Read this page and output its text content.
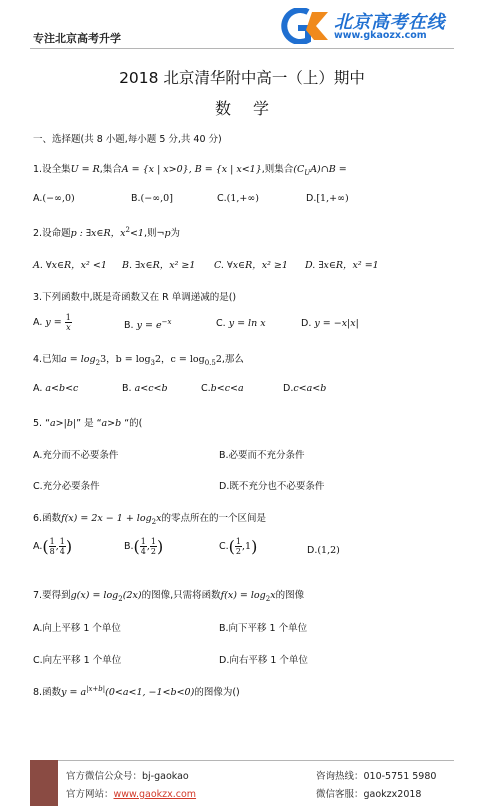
专注北京高考升学
北京高考在线
www.gkaozx.com
2018 北京清华附中高一（上）期中
数学
一、选择题(共 8 小题,每小题 5 分,共 40 分)
1.设全集U = R,集合A = {x | x>0}, B = {x | x<1},则集合$(C_UA)\cap B$ =
A.(−∞,0)	B.(−∞,0]	C.(1,+∞)	D.[1,+∞)
2.设命题p : ∃x∈R，$x^2<1$,则¬p为
A. ∀x∈R，x² <1 B. ∃x∈R，x² ≥1 C. ∀x∈R，x² ≥1 D. ∃x∈R，x² =1
3.下列函数中,既是奇函数又在 R 单调递减的是()
A. $y = \frac{1}{x}$	B. $y = e^{-x}$	C. y = ln x	D. y = −x|x|
4.已知$a = \log_23$，$b = \log_32$，$c = \log_{0.5}2$,那么
A. a<b<c	B. a<c<b	C.b<c<a	D.c<a<b
5. “a>|b|” 是 “a>b “的(
A.充分而不必要条件	B.必要而不充分条件
C.充分必要条件	D.既不充分也不必要条件
6.函数$f(x) = 2x - 1 + \log_2x$的零点所在的一个区间是
$A.( \frac{1}{8}$ , $\frac{1}{4}$ )	$B.( \frac{1}{4}$ , $\frac{1}{2}$ )	$C.( \frac{1}{2} ,1)$	D.(1,2)
7.要得到$g(x) = \log_2(2x)$的图像,只需将函数$f(x) = \log_2x$的图像
A.向上平移 1 个单位	B.向下平移 1 个单位
C.向左平移 1 个单位	D.向右平移 1 个单位
8.函数$y = a^{|x+b|}(0<a<1$, −1<b<0)的图像为()
官方微信公众号：bj-gaokao
官方网站：www.gaokzx.com
咨询热线：010-5751 5980
微信客服：gaokzx2018
